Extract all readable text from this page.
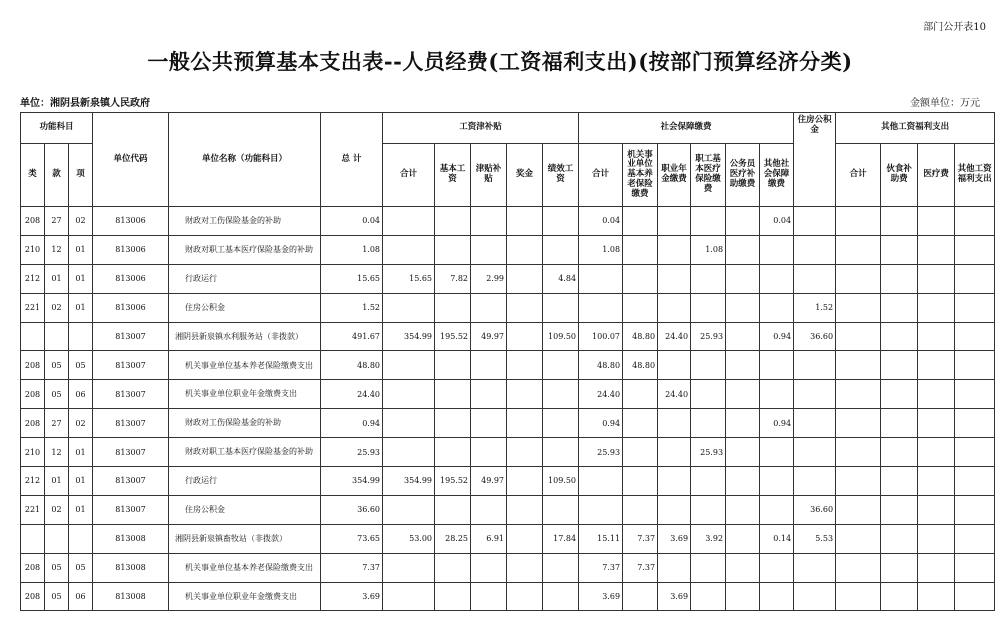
部门公开表10
一般公共预算基本支出表--人员经费(工资福利支出)(按部门预算经济分类)
单位：湘阴县新泉镇人民政府	金额单位：万元
功能科目			单位代码	单位名称（功能科目）	总 计	工资津补贴					社会保障缴费						住房公积金	其他工资福利支出			
类	款	项				合计	基本工资	津贴补贴	奖金	绩效工资	合计	机关事业单位基本养老保险缴费	职业年金缴费	职工基本医疗保险缴费	公务员医疗补助缴费	其他社会保障缴费		合计	伙食补助费	医疗费	其他工资福利支出
208	27	02	813006	财政对工伤保险基金的补助	0.04						0.04					0.04					
210	12	01	813006	财政对职工基本医疗保险基金的补助	1.08						1.08			1.08							
212	01	01	813006	行政运行	15.65	15.65	7.82	2.99		4.84											
221	02	01	813006	住房公积金	1.52												1.52				
			813007	湘阴县新泉镇水利服务站（非拨款）	491.67	354.99	195.52	49.97		109.50	100.07	48.80	24.40	25.93		0.94	36.60				
208	05	05	813007	机关事业单位基本养老保险缴费支出	48.80						48.80	48.80									
208	05	06	813007	机关事业单位职业年金缴费支出	24.40						24.40		24.40								
208	27	02	813007	财政对工伤保险基金的补助	0.94						0.94					0.94					
210	12	01	813007	财政对职工基本医疗保险基金的补助	25.93						25.93			25.93							
212	01	01	813007	行政运行	354.99	354.99	195.52	49.97		109.50											
221	02	01	813007	住房公积金	36.60												36.60				
			813008	湘阴县新泉镇畜牧站（非拨款）	73.65	53.00	28.25	6.91		17.84	15.11	7.37	3.69	3.92		0.14	5.53				
208	05	05	813008	机关事业单位基本养老保险缴费支出	7.37						7.37	7.37									
208	05	06	813008	机关事业单位职业年金缴费支出	3.69						3.69		3.69								
